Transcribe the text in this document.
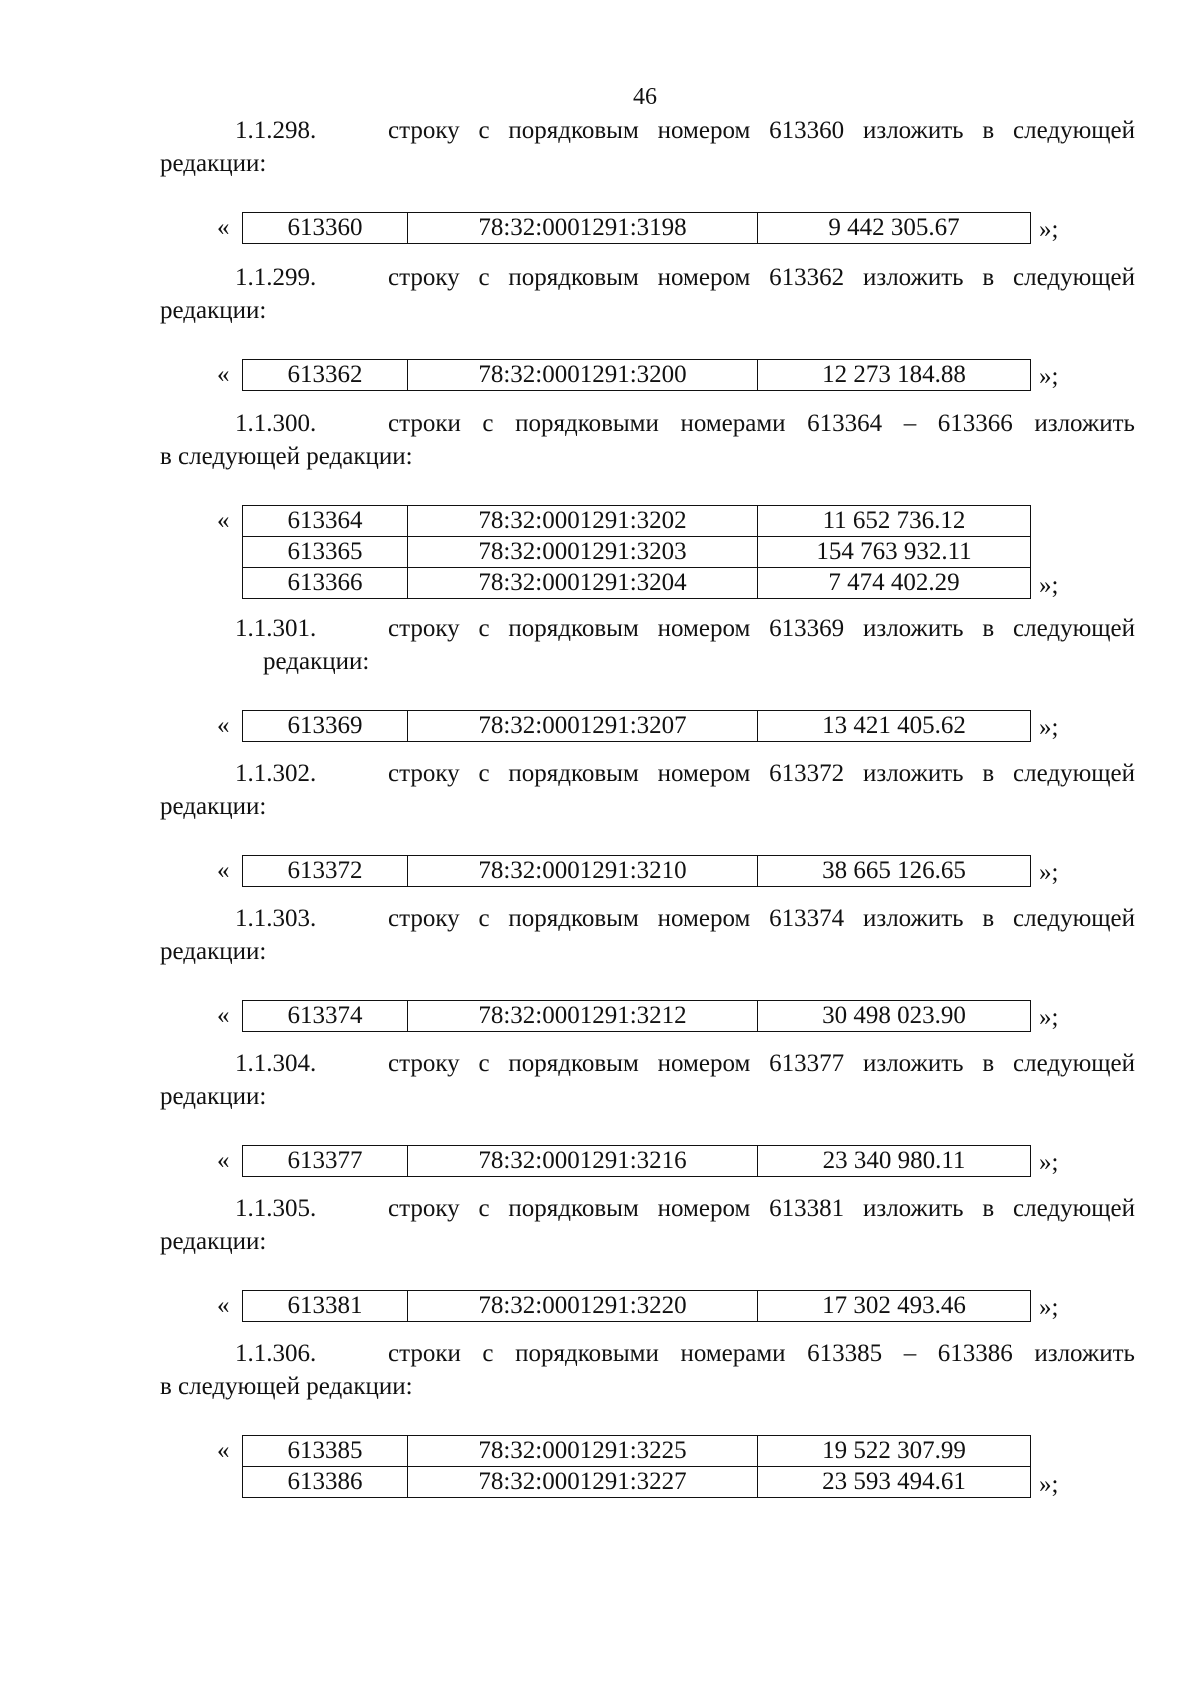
46
1.1.298.	строку с порядковым номером 613360 изложить в следующей
редакции:
« 613360	78:32:0001291:3198	9 442 305.67	»;
1.1.299.	строку с порядковым номером 613362 изложить в следующей
редакции:
« 613362	78:32:0001291:3200	12 273 184.88	»;
1.1.300.	строки с порядковыми номерами 613364 – 613366 изложить
в следующей редакции:
« 613364	78:32:0001291:3202	11 652 736.12
613365	78:32:0001291:3203	154 763 932.11
613366	78:32:0001291:3204	7 474 402.29	»;
1.1.301.	строку с порядковым номером 613369 изложить в следующей
редакции:
« 613369	78:32:0001291:3207	13 421 405.62	»;
1.1.302.	строку с порядковым номером 613372 изложить в следующей
редакции:
« 613372	78:32:0001291:3210	38 665 126.65	»;
1.1.303.	строку с порядковым номером 613374 изложить в следующей
редакции:
« 613374	78:32:0001291:3212	30 498 023.90	»;
1.1.304.	строку с порядковым номером 613377 изложить в следующей
редакции:
« 613377	78:32:0001291:3216	23 340 980.11	»;
1.1.305.	строку с порядковым номером 613381 изложить в следующей
редакции:
« 613381	78:32:0001291:3220	17 302 493.46	»;
1.1.306.	строки с порядковыми номерами 613385 – 613386 изложить
в следующей редакции:
« 613385	78:32:0001291:3225	19 522 307.99
613386	78:32:0001291:3227	23 593 494.61	»;
